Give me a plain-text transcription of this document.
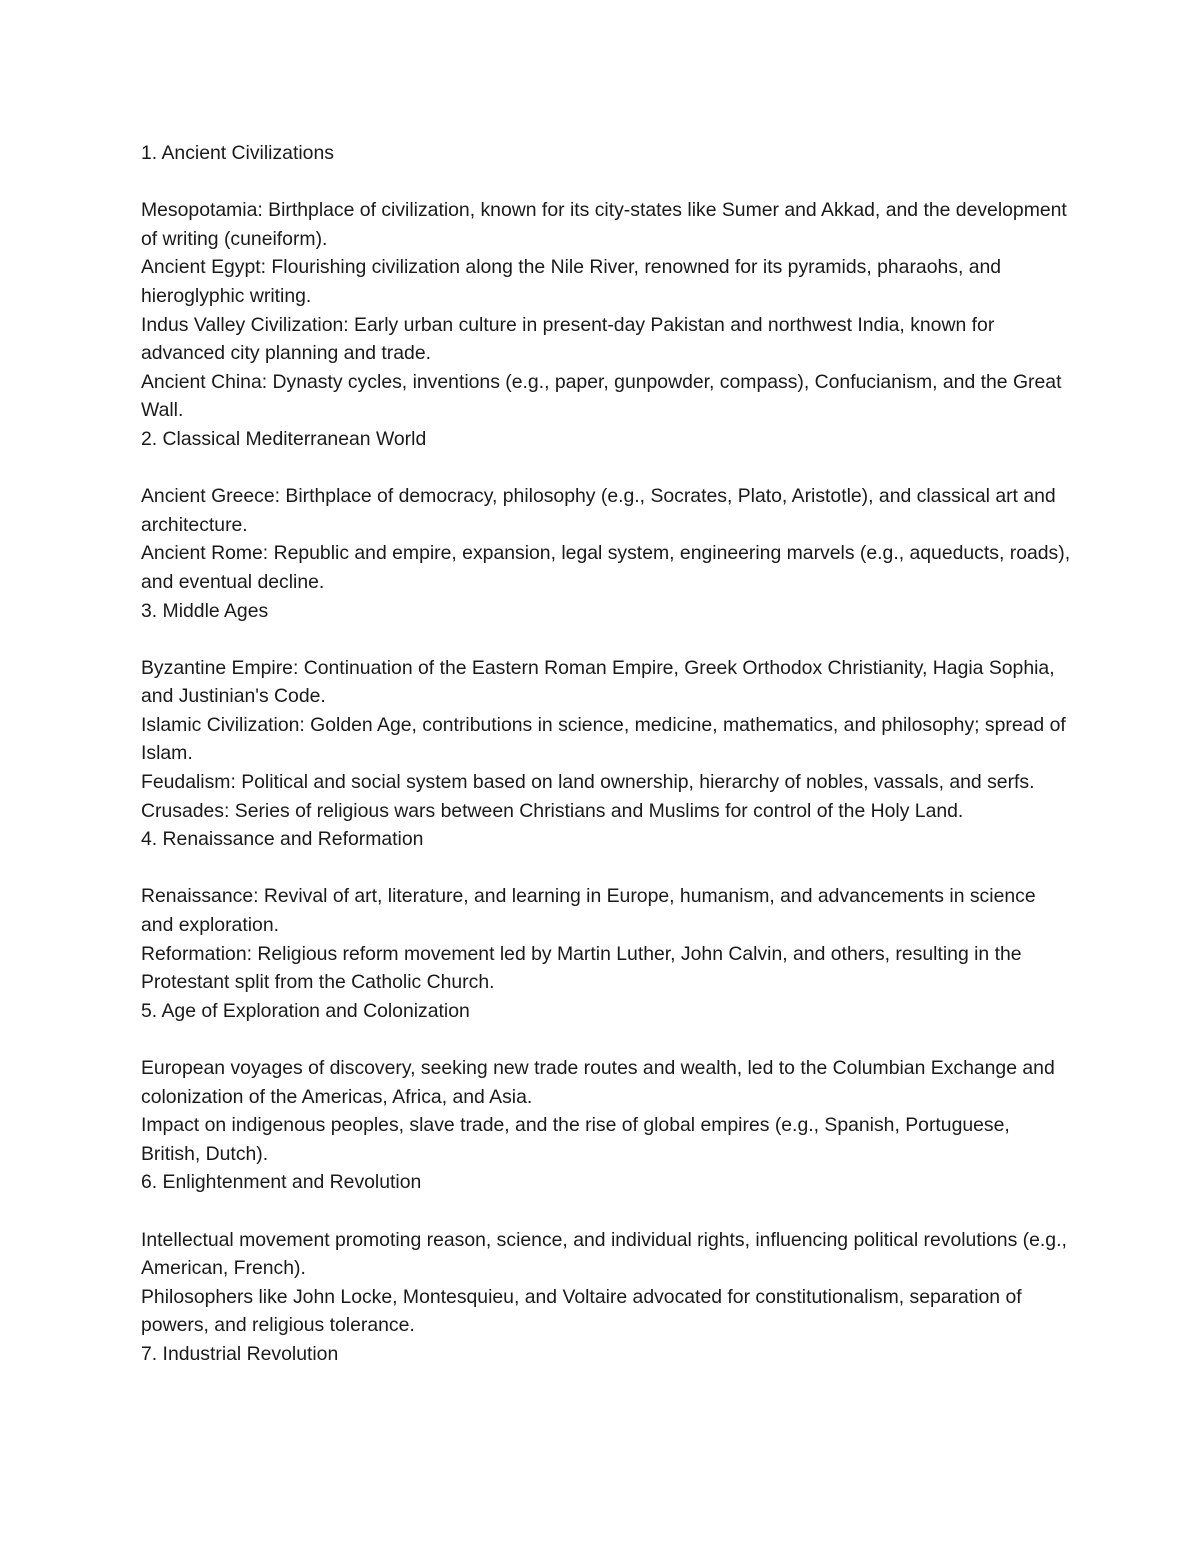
1. Ancient Civilizations

Mesopotamia: Birthplace of civilization, known for its city-states like Sumer and Akkad, and the development of writing (cuneiform).

Ancient Egypt: Flourishing civilization along the Nile River, renowned for its pyramids, pharaohs, and hieroglyphic writing.

Indus Valley Civilization: Early urban culture in present-day Pakistan and northwest India, known for advanced city planning and trade.

Ancient China: Dynasty cycles, inventions (e.g., paper, gunpowder, compass), Confucianism, and the Great Wall.

2. Classical Mediterranean World

Ancient Greece: Birthplace of democracy, philosophy (e.g., Socrates, Plato, Aristotle), and classical art and architecture.

Ancient Rome: Republic and empire, expansion, legal system, engineering marvels (e.g., aqueducts, roads), and eventual decline.

3. Middle Ages

Byzantine Empire: Continuation of the Eastern Roman Empire, Greek Orthodox Christianity, Hagia Sophia, and Justinian's Code.

Islamic Civilization: Golden Age, contributions in science, medicine, mathematics, and philosophy; spread of Islam.

Feudalism: Political and social system based on land ownership, hierarchy of nobles, vassals, and serfs.

Crusades: Series of religious wars between Christians and Muslims for control of the Holy Land.

4. Renaissance and Reformation

Renaissance: Revival of art, literature, and learning in Europe, humanism, and advancements in science and exploration.

Reformation: Religious reform movement led by Martin Luther, John Calvin, and others, resulting in the Protestant split from the Catholic Church.

5. Age of Exploration and Colonization

European voyages of discovery, seeking new trade routes and wealth, led to the Columbian Exchange and colonization of the Americas, Africa, and Asia.

Impact on indigenous peoples, slave trade, and the rise of global empires (e.g., Spanish, Portuguese, British, Dutch).

6. Enlightenment and Revolution

Intellectual movement promoting reason, science, and individual rights, influencing political revolutions (e.g., American, French).

Philosophers like John Locke, Montesquieu, and Voltaire advocated for constitutionalism, separation of powers, and religious tolerance.

7. Industrial Revolution
